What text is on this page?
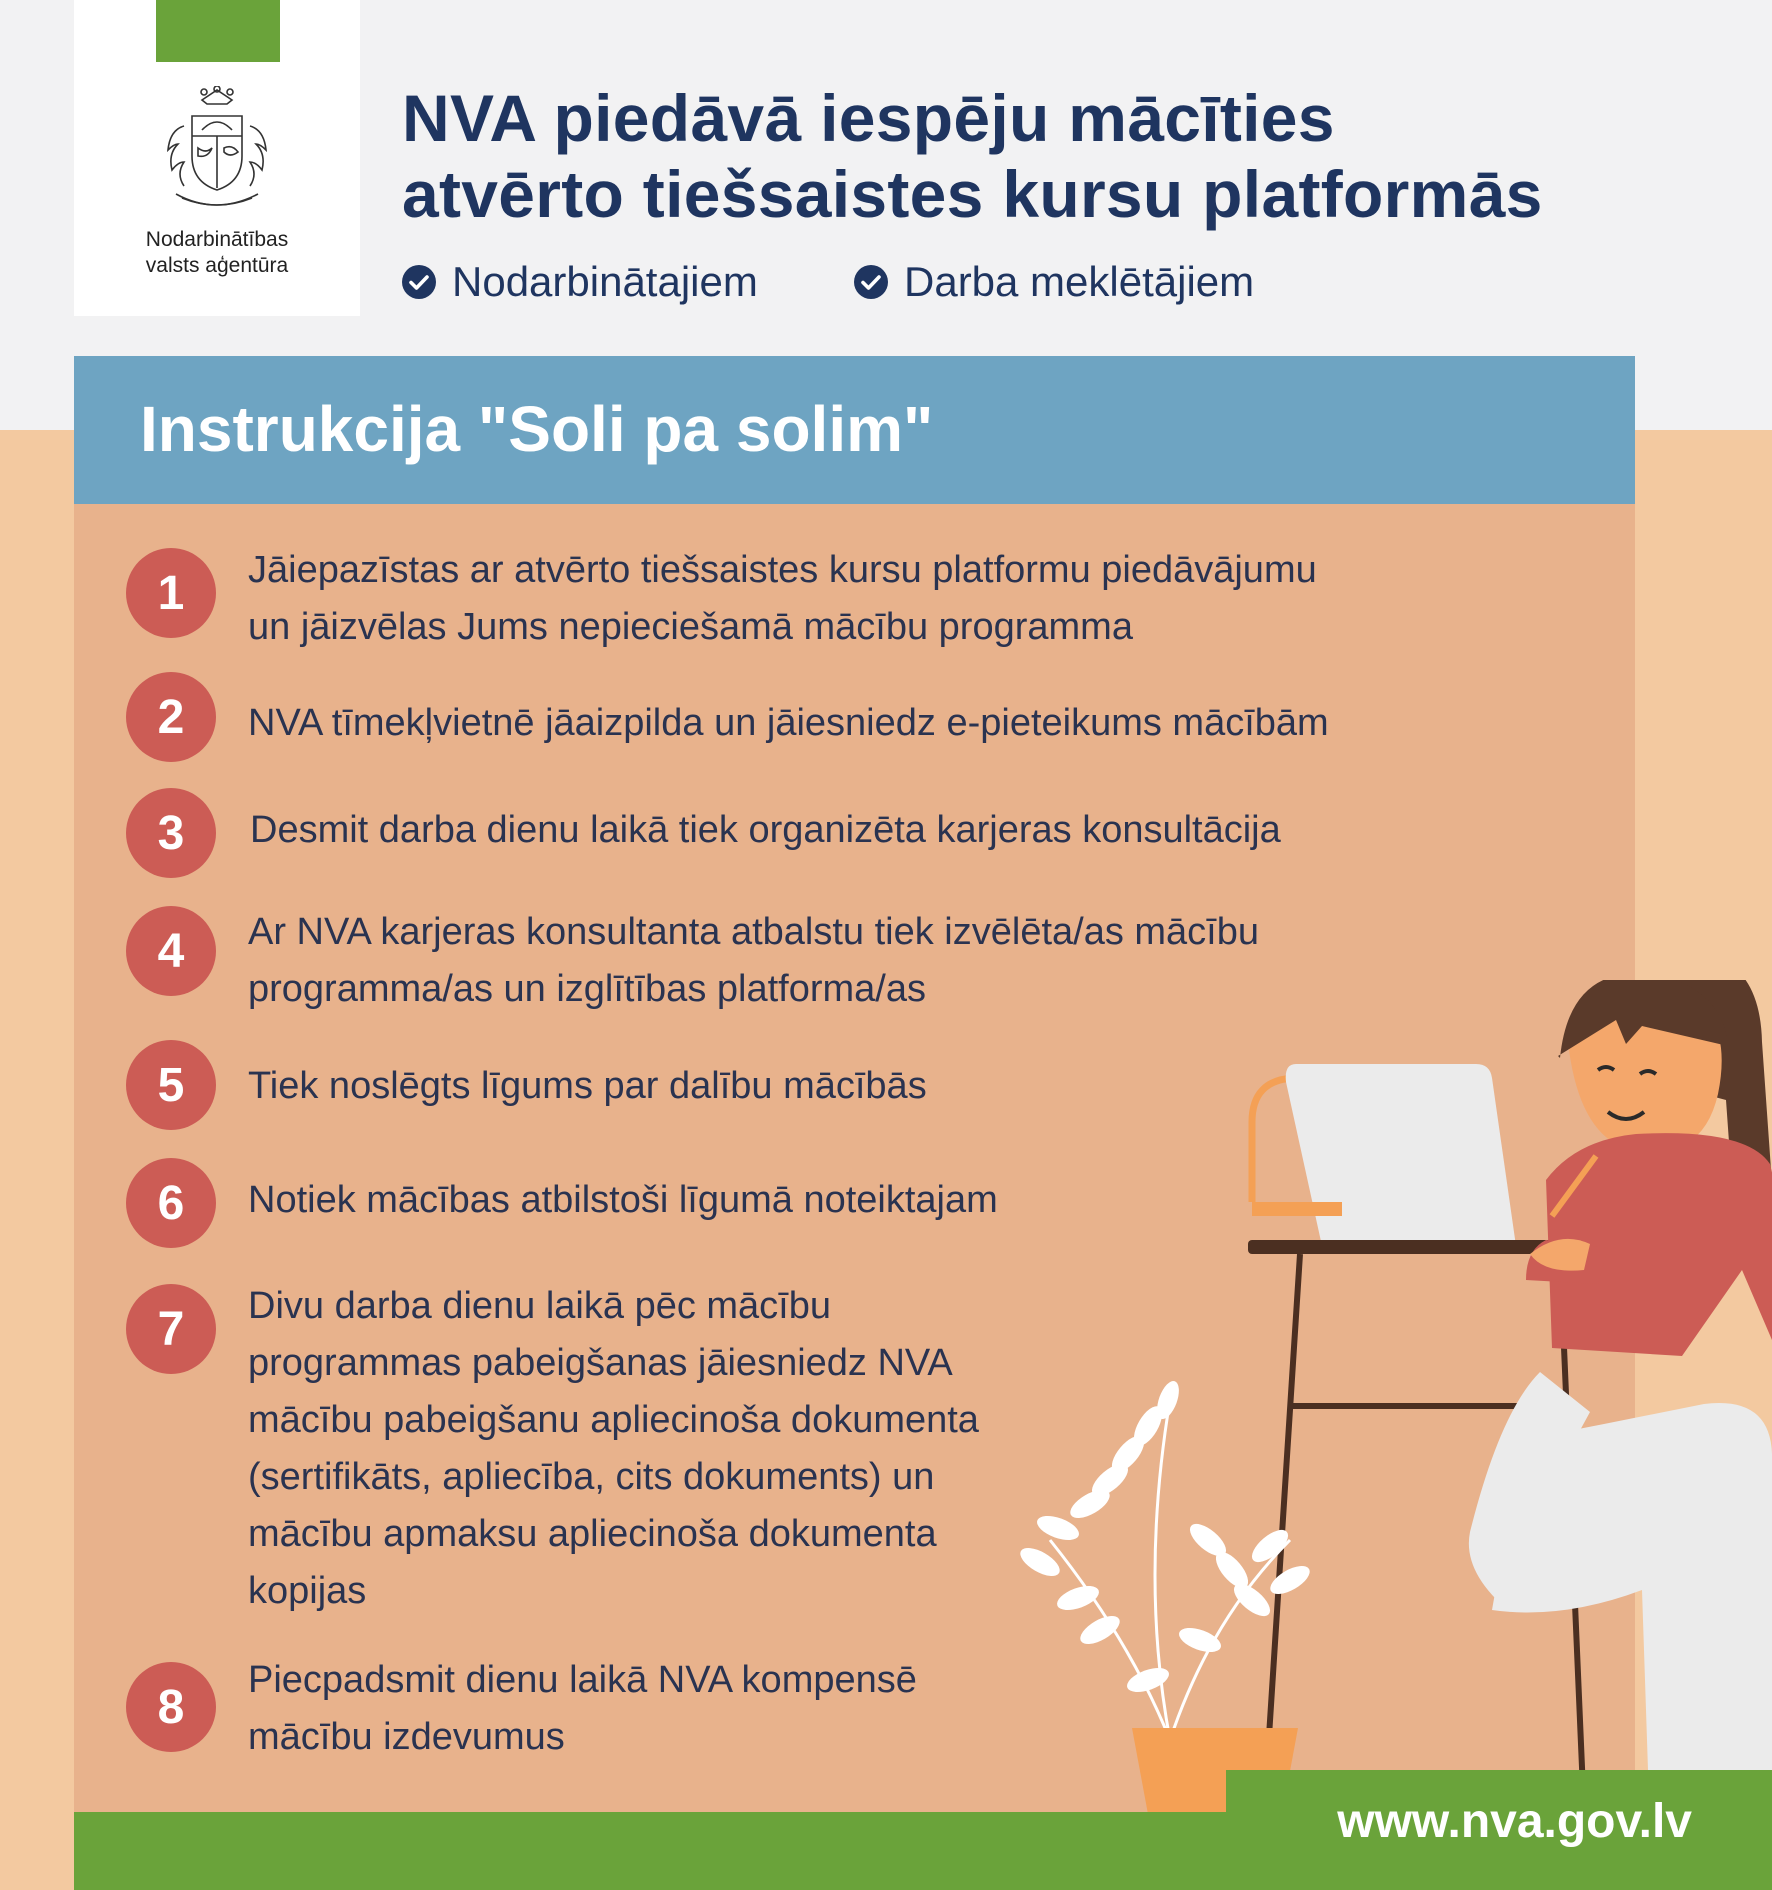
Nodarbinātības
valsts aģentūra
NVA piedāvā iespēju mācīties
atvērto tiešsaistes kursu platformās
Nodarbinātajiem	Darba meklētājiem
Instrukcija "Soli pa solim"
1	Jāiepazīstas ar atvērto tiešsaistes kursu platformu piedāvājumu
un jāizvēlas Jums nepieciešamā mācību programma
2	NVA tīmekļvietnē jāaizpilda un jāiesniedz e-pieteikums mācībām
3	Desmit darba dienu laikā tiek organizēta karjeras konsultācija
4	Ar NVA karjeras konsultanta atbalstu tiek izvēlēta/as mācību
programma/as un izglītības platforma/as
5	Tiek noslēgts līgums par dalību mācībās
6	Notiek mācības atbilstoši līgumā noteiktajam
7	Divu darba dienu laikā pēc mācību
programmas pabeigšanas jāiesniedz NVA
mācību pabeigšanu apliecinoša dokumenta
(sertifikāts, apliecība, cits dokuments) un
mācību apmaksu apliecinoša dokumenta
kopijas
8
Piecpadsmit dienu laikā NVA kompensē
mācību izdevumus
www.nva.gov.lv
